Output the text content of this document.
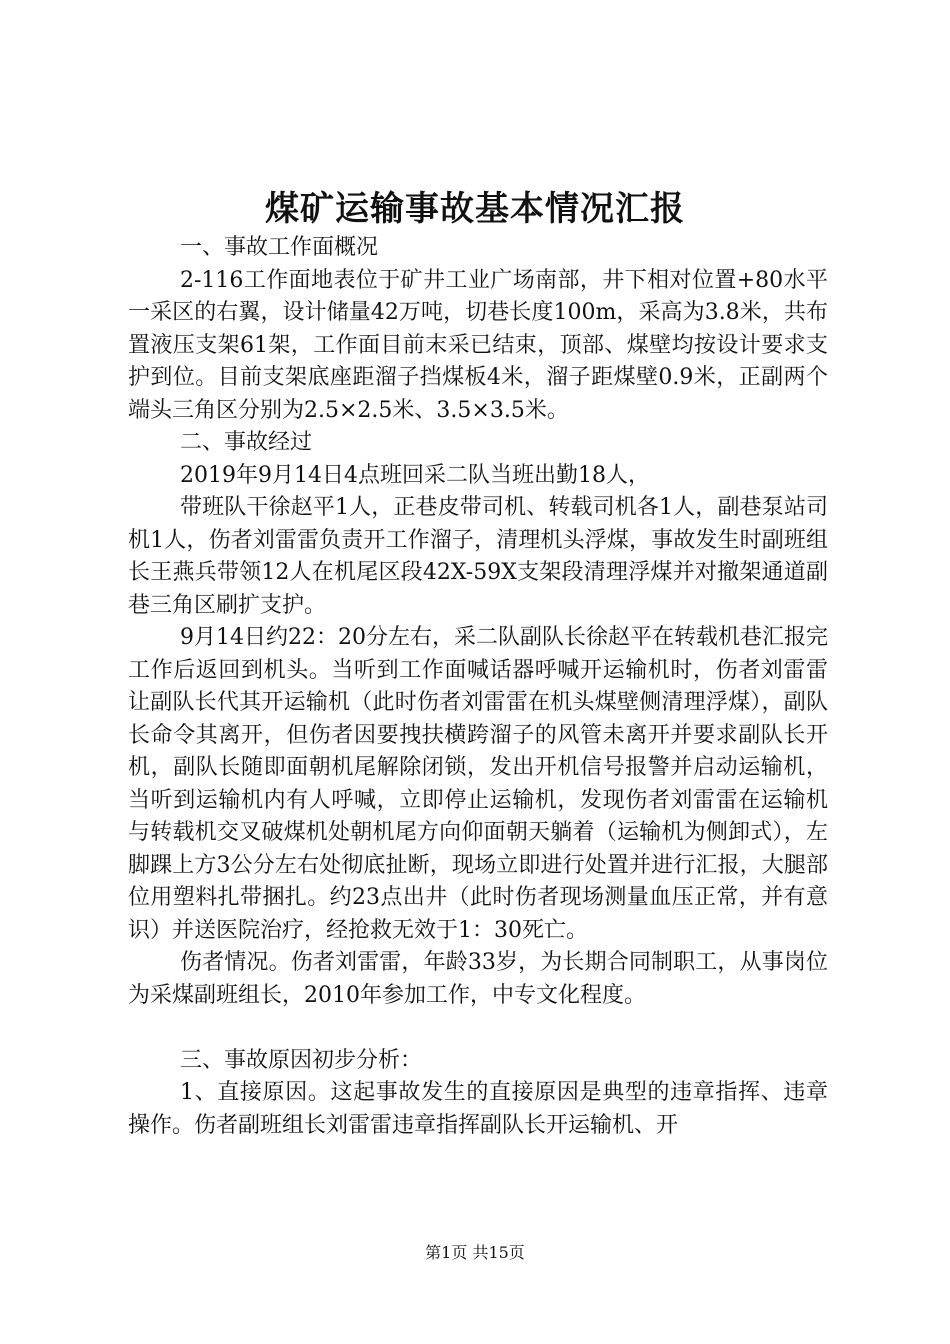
煤矿运输事故基本情况汇报

一、事故工作面概况

2-116工作面地表位于矿井工业广场南部，井下相对位置+80水平一采区的右翼，设计储量42万吨，切巷长度100m，采高为3.8米，共布置液压支架61架，工作面目前末采已结束，顶部、煤壁均按设计要求支护到位。目前支架底座距溜子挡煤板4米，溜子距煤壁0.9米，正副两个端头三角区分别为2.5×2.5米、3.5×3.5米。

二、事故经过

2019年9月14日4点班回采二队当班出勤18人，

带班队干徐赵平1人，正巷皮带司机、转载司机各1人，副巷泵站司机1人，伤者刘雷雷负责开工作溜子，清理机头浮煤，事故发生时副班组长王燕兵带领12人在机尾区段42X-59X支架段清理浮煤并对撤架通道副巷三角区刷扩支护。

9月14日约22：20分左右，采二队副队长徐赵平在转载机巷汇报完工作后返回到机头。当听到工作面喊话器呼喊开运输机时，伤者刘雷雷让副队长代其开运输机（此时伤者刘雷雷在机头煤壁侧清理浮煤），副队长命令其离开，但伤者因要拽扶横跨溜子的风管未离开并要求副队长开机，副队长随即面朝机尾解除闭锁，发出开机信号报警并启动运输机，当听到运输机内有人呼喊，立即停止运输机，发现伤者刘雷雷在运输机与转载机交叉破煤机处朝机尾方向仰面朝天躺着（运输机为侧卸式），左脚踝上方3公分左右处彻底扯断，现场立即进行处置并进行汇报，大腿部位用塑料扎带捆扎。约23点出井（此时伤者现场测量血压正常，并有意识）并送医院治疗，经抢救无效于1：30死亡。

伤者情况。伤者刘雷雷，年龄33岁，为长期合同制职工，从事岗位为采煤副班组长，2010年参加工作，中专文化程度。

三、事故原因初步分析：

1、直接原因。这起事故发生的直接原因是典型的违章指挥、违章操作。伤者副班组长刘雷雷违章指挥副队长开运输机、开

第1页 共15页
